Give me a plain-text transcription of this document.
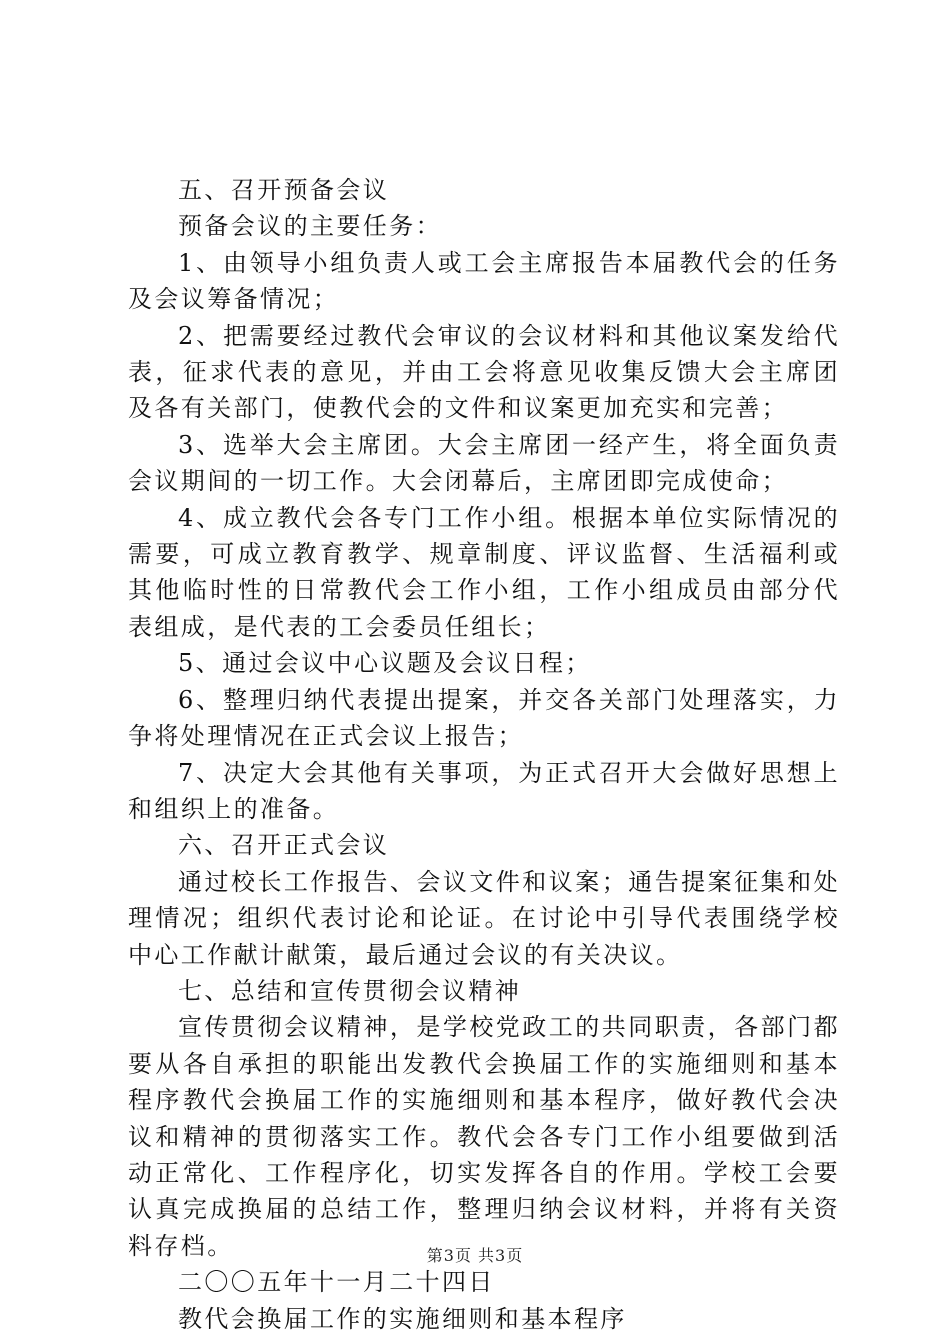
五、召开预备会议

预备会议的主要任务：

1、由领导小组负责人或工会主席报告本届教代会的任务及会议筹备情况；

2、把需要经过教代会审议的会议材料和其他议案发给代表，征求代表的意见，并由工会将意见收集反馈大会主席团及各有关部门，使教代会的文件和议案更加充实和完善；

3、选举大会主席团。大会主席团一经产生，将全面负责会议期间的一切工作。大会闭幕后，主席团即完成使命；

4、成立教代会各专门工作小组。根据本单位实际情况的需要，可成立教育教学、规章制度、评议监督、生活福利或其他临时性的日常教代会工作小组，工作小组成员由部分代表组成，是代表的工会委员任组长；

5、通过会议中心议题及会议日程；

6、整理归纳代表提出提案，并交各关部门处理落实，力争将处理情况在正式会议上报告；

7、决定大会其他有关事项，为正式召开大会做好思想上和组织上的准备。

六、召开正式会议

通过校长工作报告、会议文件和议案；通告提案征集和处理情况；组织代表讨论和论证。在讨论中引导代表围绕学校中心工作献计献策，最后通过会议的有关决议。

七、总结和宣传贯彻会议精神

宣传贯彻会议精神，是学校党政工的共同职责，各部门都要从各自承担的职能出发教代会换届工作的实施细则和基本程序教代会换届工作的实施细则和基本程序，做好教代会决议和精神的贯彻落实工作。教代会各专门工作小组要做到活动正常化、工作程序化，切实发挥各自的作用。学校工会要认真完成换届的总结工作，整理归纳会议材料，并将有关资料存档。

二〇〇五年十一月二十四日

教代会换届工作的实施细则和基本程序

第3页 共3页
